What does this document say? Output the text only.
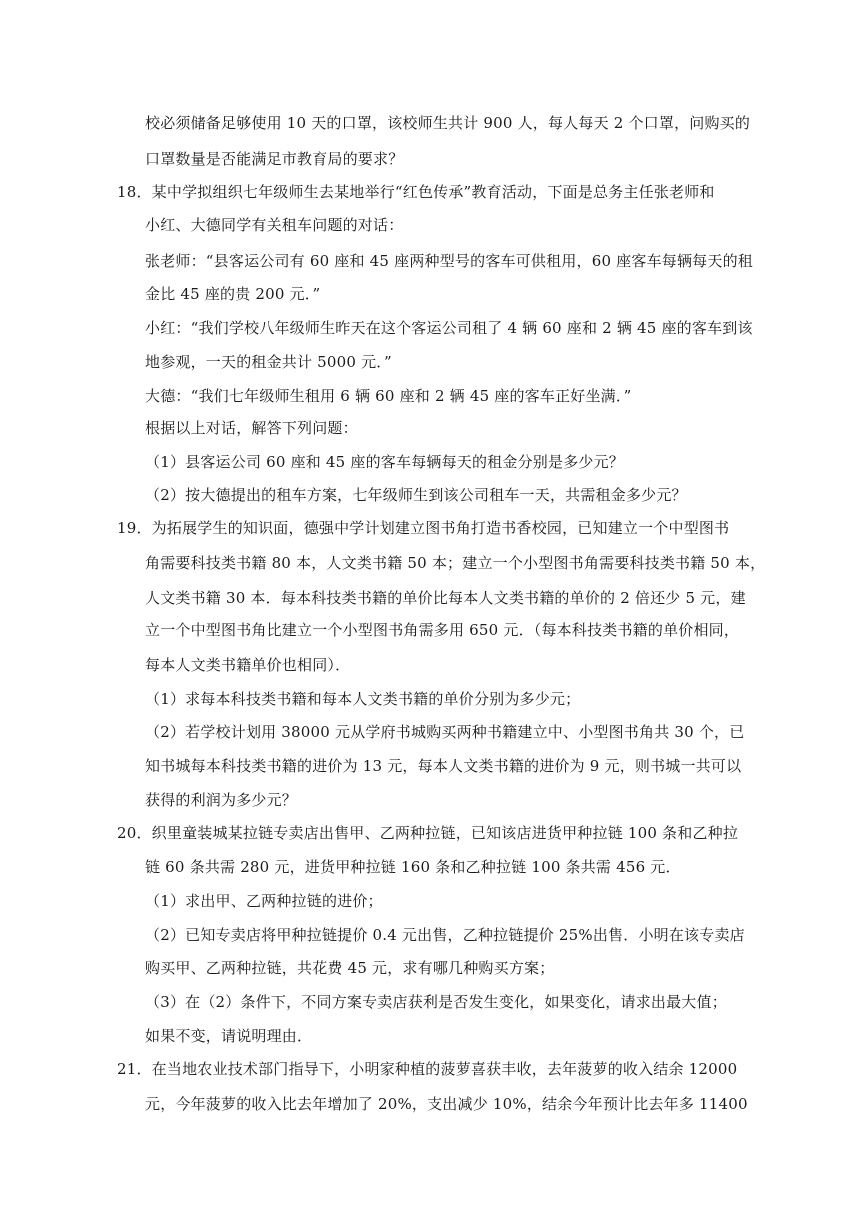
校必须储备足够使用 10 天的口罩，该校师生共计 900 人，每人每天 2 个口罩，问购买的
口罩数量是否能满足市教育局的要求？
18．某中学拟组织七年级师生去某地举行“红色传承”教育活动，下面是总务主任张老师和
小红、大德同学有关租车问题的对话：
张老师：“县客运公司有 60 座和 45 座两种型号的客车可供租用，60 座客车每辆每天的租
金比 45 座的贵 200 元．”
小红：“我们学校八年级师生昨天在这个客运公司租了 4 辆 60 座和 2 辆 45 座的客车到该
地参观，一天的租金共计 5000 元．”
大德：“我们七年级师生租用 6 辆 60 座和 2 辆 45 座的客车正好坐满．”
根据以上对话，解答下列问题：
（1）县客运公司 60 座和 45 座的客车每辆每天的租金分别是多少元？
（2）按大德提出的租车方案，七年级师生到该公司租车一天，共需租金多少元？
19．为拓展学生的知识面，德强中学计划建立图书角打造书香校园，已知建立一个中型图书
角需要科技类书籍 80 本，人文类书籍 50 本；建立一个小型图书角需要科技类书籍 50 本，
人文类书籍 30 本．每本科技类书籍的单价比每本人文类书籍的单价的 2 倍还少 5 元，建
立一个中型图书角比建立一个小型图书角需多用 650 元．（每本科技类书籍的单价相同，
每本人文类书籍单价也相同）．
（1）求每本科技类书籍和每本人文类书籍的单价分别为多少元；
（2）若学校计划用 38000 元从学府书城购买两种书籍建立中、小型图书角共 30 个，已
知书城每本科技类书籍的进价为 13 元，每本人文类书籍的进价为 9 元，则书城一共可以
获得的利润为多少元？
20．织里童装城某拉链专卖店出售甲、乙两种拉链，已知该店进货甲种拉链 100 条和乙种拉
链 60 条共需 280 元，进货甲种拉链 160 条和乙种拉链 100 条共需 456 元．
（1）求出甲、乙两种拉链的进价；
（2）已知专卖店将甲种拉链提价 0.4 元出售，乙种拉链提价 25%出售．小明在该专卖店
购买甲、乙两种拉链，共花费 45 元，求有哪几种购买方案；
（3）在（2）条件下，不同方案专卖店获利是否发生变化，如果变化，请求出最大值；
如果不变，请说明理由．
21．在当地农业技术部门指导下，小明家种植的菠萝喜获丰收，去年菠萝的收入结余 12000
元，今年菠萝的收入比去年增加了 20%，支出减少 10%，结余今年预计比去年多 11400
